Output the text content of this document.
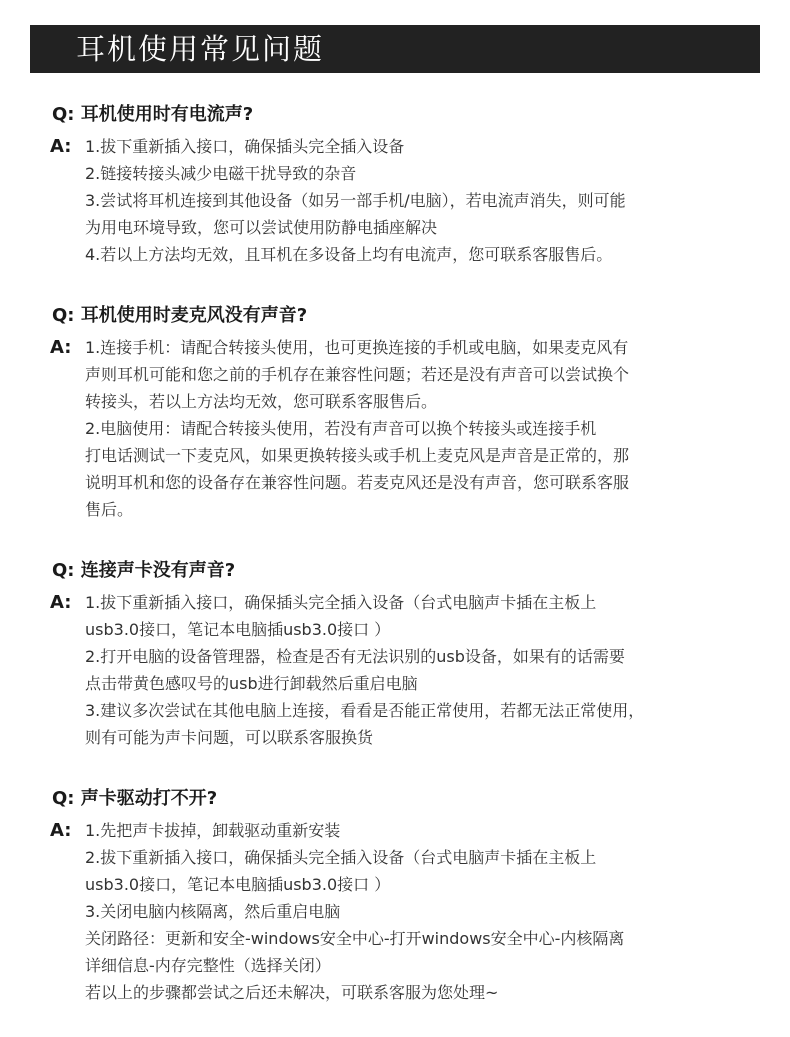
耳机使用常见问题
Q: 耳机使用时有电流声?
A: 1.拔下重新插入接口，确保插头完全插入设备
2.链接转接头减少电磁干扰导致的杂音
3.尝试将耳机连接到其他设备（如另一部手机/电脑），若电流声消失，则可能
为用电环境导致，您可以尝试使用防静电插座解决
4.若以上方法均无效，且耳机在多设备上均有电流声，您可联系客服售后。
Q: 耳机使用时麦克风没有声音?
A: 1.连接手机：请配合转接头使用，也可更换连接的手机或电脑，如果麦克风有
声则耳机可能和您之前的手机存在兼容性问题；若还是没有声音可以尝试换个
转接头，若以上方法均无效，您可联系客服售后。
2.电脑使用：请配合转接头使用，若没有声音可以换个转接头或连接手机
打电话测试一下麦克风，如果更换转接头或手机上麦克风是声音是正常的，那
说明耳机和您的设备存在兼容性问题。若麦克风还是没有声音，您可联系客服
售后。
Q: 连接声卡没有声音?
A: 1.拔下重新插入接口，确保插头完全插入设备（台式电脑声卡插在主板上
usb3.0接口，笔记本电脑插usb3.0接口 ）
2.打开电脑的设备管理器，检查是否有无法识别的usb设备，如果有的话需要
点击带黄色感叹号的usb进行卸载然后重启电脑
3.建议多次尝试在其他电脑上连接，看看是否能正常使用，若都无法正常使用，
则有可能为声卡问题，可以联系客服换货
Q: 声卡驱动打不开?
A: 1.先把声卡拔掉，卸载驱动重新安装
2.拔下重新插入接口，确保插头完全插入设备（台式电脑声卡插在主板上
usb3.0接口，笔记本电脑插usb3.0接口 ）
3.关闭电脑内核隔离，然后重启电脑
关闭路径：更新和安全-windows安全中心-打开windows安全中心-内核隔离
详细信息-内存完整性（选择关闭）
若以上的步骤都尝试之后还未解决，可联系客服为您处理~
